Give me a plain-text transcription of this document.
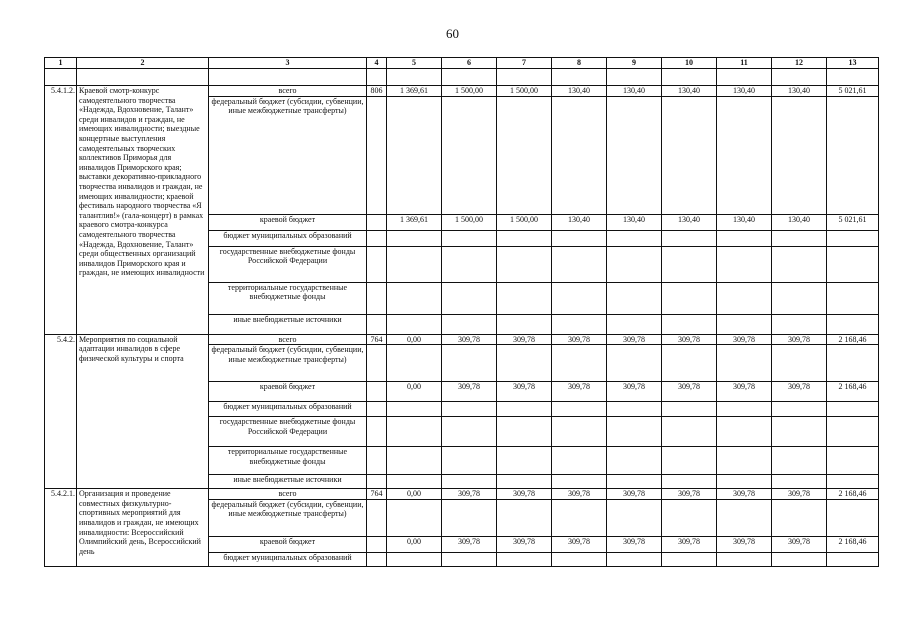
60
1	2	3	4	5	6	7	8	9	10	11	12	13

5.4.1.2.	Краевой смотр-конкурс самодеятельного творчества «Надежда, Вдохновение, Талант» среди инвалидов и граждан, не имеющих инвалидности; выездные концертные выступления самодеятельных творческих коллективов Приморья для инвалидов Приморского края; выставки декоративно-прикладного творчества инвалидов и граждан, не имеющих инвалидности; краевой фестиваль народного творчества «Я талантлив!» (гала-концерт) в рамках краевого смотра-конкурса самодеятельного творчества «Надежда, Вдохновение, Талант» среди общественных организаций инвалидов Приморского края и граждан, не имеющих инвалидности	всего	806	1 369,61	1 500,00	1 500,00	130,40	130,40	130,40	130,40	130,40	5 021,61
		федеральный бюджет (субсидии, субвенции, иные межбюджетные трансферты)										
		краевой бюджет		1 369,61	1 500,00	1 500,00	130,40	130,40	130,40	130,40	130,40	5 021,61
		бюджет муниципальных образований										
		государственные внебюджетные фонды Российской Федерации										
		территориальные государственные внебюджетные фонды										
		иные внебюджетные источники										
5.4.2.	Мероприятия по социальной адаптации инвалидов в сфере физической культуры и спорта	всего	764	0,00	309,78	309,78	309,78	309,78	309,78	309,78	309,78	2 168,46
		федеральный бюджет (субсидии, субвенции, иные межбюджетные трансферты)										
		краевой бюджет		0,00	309,78	309,78	309,78	309,78	309,78	309,78	309,78	2 168,46
		бюджет муниципальных образований										
		государственные внебюджетные фонды Российской Федерации										
		территориальные государственные внебюджетные фонды										
		иные внебюджетные источники										
5.4.2.1.	Организация и проведение совместных физкультурно-спортивных мероприятий для инвалидов и граждан, не имеющих инвалидности: Всероссийский Олимпийский день, Всероссийский день	всего	764	0,00	309,78	309,78	309,78	309,78	309,78	309,78	309,78	2 168,46
		федеральный бюджет (субсидии, субвенции, иные межбюджетные трансферты)										
		краевой бюджет		0,00	309,78	309,78	309,78	309,78	309,78	309,78	309,78	2 168,46
		бюджет муниципальных образований										
